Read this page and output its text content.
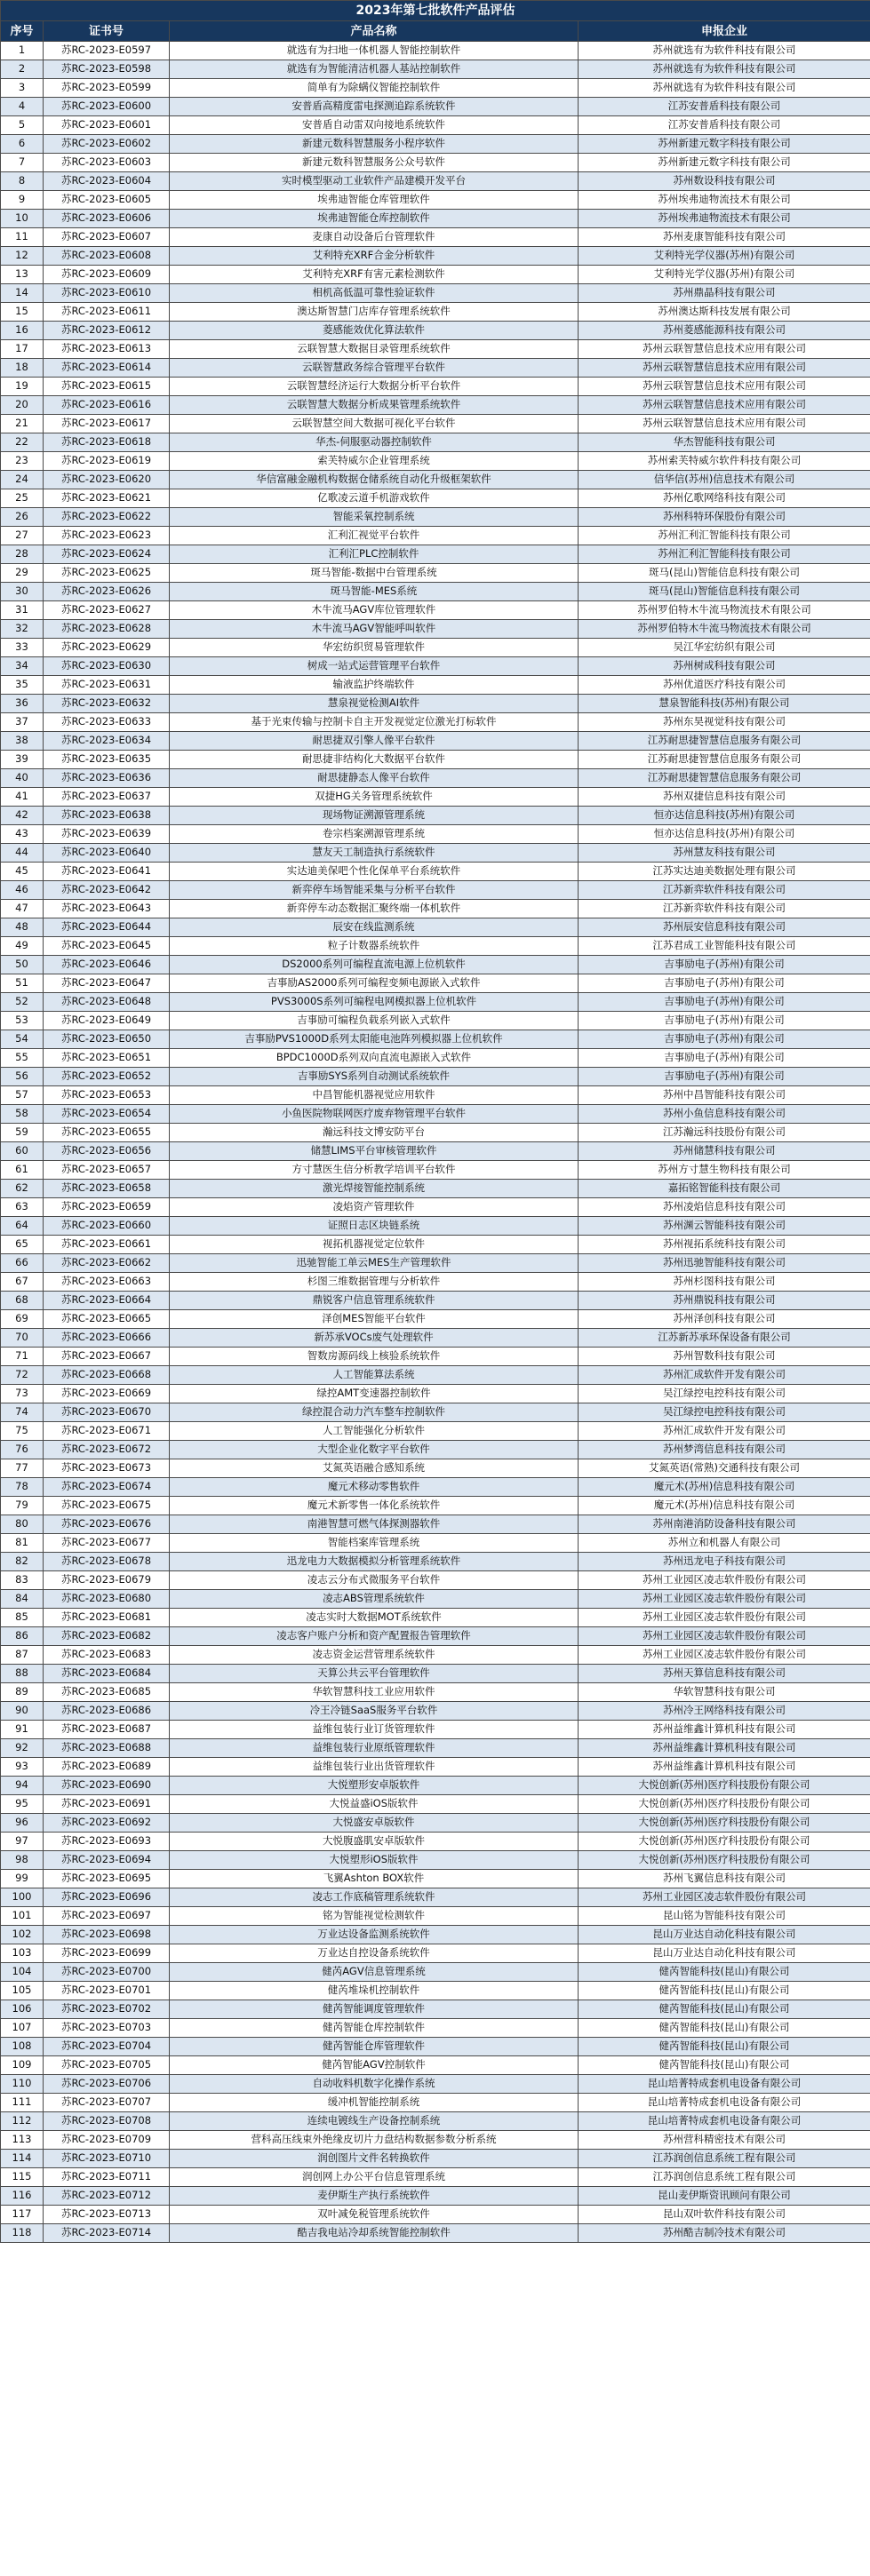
2023年第七批软件产品评估			
序号	证书号	产品名称	申报企业
1	苏RC-2023-E0597	就选有为扫地一体机器人智能控制软件	苏州就选有为软件科技有限公司
2	苏RC-2023-E0598	就选有为智能清洁机器人基站控制软件	苏州就选有为软件科技有限公司
3	苏RC-2023-E0599	简单有为除螨仪智能控制软件	苏州就选有为软件科技有限公司
4	苏RC-2023-E0600	安普盾高精度雷电探测追踪系统软件	江苏安普盾科技有限公司
5	苏RC-2023-E0601	安普盾自动雷双向接地系统软件	江苏安普盾科技有限公司
6	苏RC-2023-E0602	新建元数科智慧服务小程序软件	苏州新建元数字科技有限公司
7	苏RC-2023-E0603	新建元数科智慧服务公众号软件	苏州新建元数字科技有限公司
8	苏RC-2023-E0604	实时模型驱动工业软件产品建模开发平台	苏州数设科技有限公司
9	苏RC-2023-E0605	埃弗迪智能仓库管理软件	苏州埃弗迪物流技术有限公司
10	苏RC-2023-E0606	埃弗迪智能仓库控制软件	苏州埃弗迪物流技术有限公司
11	苏RC-2023-E0607	麦康自动设备后台管理软件	苏州麦康智能科技有限公司
12	苏RC-2023-E0608	艾利特充XRF合金分析软件	艾利特光学仪器(苏州)有限公司
13	苏RC-2023-E0609	艾利特充XRF有害元素检测软件	艾利特光学仪器(苏州)有限公司
14	苏RC-2023-E0610	相机高低温可靠性验证软件	苏州鼎晶科技有限公司
15	苏RC-2023-E0611	澳达斯智慧门店库存管理系统软件	苏州澳达斯科技发展有限公司
16	苏RC-2023-E0612	菱感能效优化算法软件	苏州菱感能源科技有限公司
17	苏RC-2023-E0613	云联智慧大数据目录管理系统软件	苏州云联智慧信息技术应用有限公司
18	苏RC-2023-E0614	云联智慧政务综合管理平台软件	苏州云联智慧信息技术应用有限公司
19	苏RC-2023-E0615	云联智慧经济运行大数据分析平台软件	苏州云联智慧信息技术应用有限公司
20	苏RC-2023-E0616	云联智慧大数据分析成果管理系统软件	苏州云联智慧信息技术应用有限公司
21	苏RC-2023-E0617	云联智慧空间大数据可视化平台软件	苏州云联智慧信息技术应用有限公司
22	苏RC-2023-E0618	华杰-伺服驱动器控制软件	华杰智能科技有限公司
23	苏RC-2023-E0619	索芙特威尔企业管理系统	苏州索芙特威尔软件科技有限公司
24	苏RC-2023-E0620	华信富融金融机构数据仓储系统自动化升级框架软件	信华信(苏州)信息技术有限公司
25	苏RC-2023-E0621	亿歌凌云道手机游戏软件	苏州亿歌网络科技有限公司
26	苏RC-2023-E0622	智能采氧控制系统	苏州科特环保股份有限公司
27	苏RC-2023-E0623	汇利汇视觉平台软件	苏州汇利汇智能科技有限公司
28	苏RC-2023-E0624	汇利汇PLC控制软件	苏州汇利汇智能科技有限公司
29	苏RC-2023-E0625	斑马智能-数据中台管理系统	斑马(昆山)智能信息科技有限公司
30	苏RC-2023-E0626	斑马智能-MES系统	斑马(昆山)智能信息科技有限公司
31	苏RC-2023-E0627	木牛流马AGV库位管理软件	苏州罗伯特木牛流马物流技术有限公司
32	苏RC-2023-E0628	木牛流马AGV智能呼叫软件	苏州罗伯特木牛流马物流技术有限公司
33	苏RC-2023-E0629	华宏纺织贸易管理软件	吴江华宏纺织有限公司
34	苏RC-2023-E0630	树成一站式运营管理平台软件	苏州树成科技有限公司
35	苏RC-2023-E0631	输液监护终端软件	苏州优道医疗科技有限公司
36	苏RC-2023-E0632	慧泉视觉检测AI软件	慧泉智能科技(苏州)有限公司
37	苏RC-2023-E0633	基于光束传输与控制卡自主开发视觉定位激光打标软件	苏州东昊视觉科技有限公司
38	苏RC-2023-E0634	耐思捷双引擎人像平台软件	江苏耐思捷智慧信息服务有限公司
39	苏RC-2023-E0635	耐思捷非结构化大数据平台软件	江苏耐思捷智慧信息服务有限公司
40	苏RC-2023-E0636	耐思捷静态人像平台软件	江苏耐思捷智慧信息服务有限公司
41	苏RC-2023-E0637	双捷HG关务管理系统软件	苏州双捷信息科技有限公司
42	苏RC-2023-E0638	现场物证溯源管理系统	恒亦达信息科技(苏州)有限公司
43	苏RC-2023-E0639	卷宗档案溯源管理系统	恒亦达信息科技(苏州)有限公司
44	苏RC-2023-E0640	慧友天工制造执行系统软件	苏州慧友科技有限公司
45	苏RC-2023-E0641	实达迪美保吧个性化保单平台系统软件	江苏实达迪美数据处理有限公司
46	苏RC-2023-E0642	新弈停车场智能采集与分析平台软件	江苏新弈软件科技有限公司
47	苏RC-2023-E0643	新弈停车动态数据汇聚终端一体机软件	江苏新弈软件科技有限公司
48	苏RC-2023-E0644	辰安在线监测系统	苏州辰安信息科技有限公司
49	苏RC-2023-E0645	粒子计数器系统软件	江苏君成工业智能科技有限公司
50	苏RC-2023-E0646	DS2000系列可编程直流电源上位机软件	吉事励电子(苏州)有限公司
51	苏RC-2023-E0647	吉事励AS2000系列可编程变频电源嵌入式软件	吉事励电子(苏州)有限公司
52	苏RC-2023-E0648	PVS3000S系列可编程电网模拟器上位机软件	吉事励电子(苏州)有限公司
53	苏RC-2023-E0649	吉事励可编程负载系列嵌入式软件	吉事励电子(苏州)有限公司
54	苏RC-2023-E0650	吉事励PVS1000D系列太阳能电池阵列模拟器上位机软件	吉事励电子(苏州)有限公司
55	苏RC-2023-E0651	BPDC1000D系列双向直流电源嵌入式软件	吉事励电子(苏州)有限公司
56	苏RC-2023-E0652	吉事励SYS系列自动测试系统软件	吉事励电子(苏州)有限公司
57	苏RC-2023-E0653	中昌智能机器视觉应用软件	苏州中昌智能科技有限公司
58	苏RC-2023-E0654	小鱼医院物联网医疗废弃物管理平台软件	苏州小鱼信息科技有限公司
59	苏RC-2023-E0655	瀚远科技文博安防平台	江苏瀚远科技股份有限公司
60	苏RC-2023-E0656	储慧LIMS平台审核管理软件	苏州储慧科技有限公司
61	苏RC-2023-E0657	方寸慧医生信分析教学培训平台软件	苏州方寸慧生物科技有限公司
62	苏RC-2023-E0658	激光焊接智能控制系统	嘉拓铭智能科技有限公司
63	苏RC-2023-E0659	凌焰资产管理软件	苏州凌焰信息科技有限公司
64	苏RC-2023-E0660	证照日志区块链系统	苏州渊云智能科技有限公司
65	苏RC-2023-E0661	视拓机器视觉定位软件	苏州视拓系统科技有限公司
66	苏RC-2023-E0662	迅驰智能工单云MES生产管理软件	苏州迅驰智能科技有限公司
67	苏RC-2023-E0663	杉图三维数据管理与分析软件	苏州杉图科技有限公司
68	苏RC-2023-E0664	鼎锐客户信息管理系统软件	苏州鼎锐科技有限公司
69	苏RC-2023-E0665	泽创MES智能平台软件	苏州泽创科技有限公司
70	苏RC-2023-E0666	新苏承VOCs废气处理软件	江苏新苏承环保设备有限公司
71	苏RC-2023-E0667	智数房源码线上核验系统软件	苏州智数科技有限公司
72	苏RC-2023-E0668	人工智能算法系统	苏州汇成软件开发有限公司
73	苏RC-2023-E0669	绿控AMT变速器控制软件	吴江绿控电控科技有限公司
74	苏RC-2023-E0670	绿控混合动力汽车整车控制软件	吴江绿控电控科技有限公司
75	苏RC-2023-E0671	人工智能强化分析软件	苏州汇成软件开发有限公司
76	苏RC-2023-E0672	大型企业化数字平台软件	苏州梦湾信息科技有限公司
77	苏RC-2023-E0673	艾氮英语融合感知系统	艾氮英语(常熟)交通科技有限公司
78	苏RC-2023-E0674	魔元术移动零售软件	魔元术(苏州)信息科技有限公司
79	苏RC-2023-E0675	魔元术新零售一体化系统软件	魔元术(苏州)信息科技有限公司
80	苏RC-2023-E0676	南港智慧可燃气体探测器软件	苏州南港消防设备科技有限公司
81	苏RC-2023-E0677	智能档案库管理系统	苏州立和机器人有限公司
82	苏RC-2023-E0678	迅龙电力大数据模拟分析管理系统软件	苏州迅龙电子科技有限公司
83	苏RC-2023-E0679	凌志云分布式微服务平台软件	苏州工业园区凌志软件股份有限公司
84	苏RC-2023-E0680	凌志ABS管理系统软件	苏州工业园区凌志软件股份有限公司
85	苏RC-2023-E0681	凌志实时大数据MOT系统软件	苏州工业园区凌志软件股份有限公司
86	苏RC-2023-E0682	凌志客户账户分析和资产配置报告管理软件	苏州工业园区凌志软件股份有限公司
87	苏RC-2023-E0683	凌志资金运营管理系统软件	苏州工业园区凌志软件股份有限公司
88	苏RC-2023-E0684	天算公共云平台管理软件	苏州天算信息科技有限公司
89	苏RC-2023-E0685	华软智慧科技工业应用软件	华软智慧科技有限公司
90	苏RC-2023-E0686	冷王冷链SaaS服务平台软件	苏州冷王网络科技有限公司
91	苏RC-2023-E0687	益维包装行业订货管理软件	苏州益维鑫计算机科技有限公司
92	苏RC-2023-E0688	益维包装行业原纸管理软件	苏州益维鑫计算机科技有限公司
93	苏RC-2023-E0689	益维包装行业出货管理软件	苏州益维鑫计算机科技有限公司
94	苏RC-2023-E0690	大悦塑形安卓版软件	大悦创新(苏州)医疗科技股份有限公司
95	苏RC-2023-E0691	大悦益盛iOS版软件	大悦创新(苏州)医疗科技股份有限公司
96	苏RC-2023-E0692	大悦盛安卓版软件	大悦创新(苏州)医疗科技股份有限公司
97	苏RC-2023-E0693	大悦腹盛肌安卓版软件	大悦创新(苏州)医疗科技股份有限公司
98	苏RC-2023-E0694	大悦塑形iOS版软件	大悦创新(苏州)医疗科技股份有限公司
99	苏RC-2023-E0695	飞翼Ashton BOX软件	苏州飞翼信息科技有限公司
100	苏RC-2023-E0696	凌志工作底稿管理系统软件	苏州工业园区凌志软件股份有限公司
101	苏RC-2023-E0697	铭为智能视觉检测软件	昆山铭为智能科技有限公司
102	苏RC-2023-E0698	万业达设备监测系统软件	昆山万业达自动化科技有限公司
103	苏RC-2023-E0699	万业达自控设备系统软件	昆山万业达自动化科技有限公司
104	苏RC-2023-E0700	健芮AGV信息管理系统	健芮智能科技(昆山)有限公司
105	苏RC-2023-E0701	健芮堆垛机控制软件	健芮智能科技(昆山)有限公司
106	苏RC-2023-E0702	健芮智能调度管理软件	健芮智能科技(昆山)有限公司
107	苏RC-2023-E0703	健芮智能仓库控制软件	健芮智能科技(昆山)有限公司
108	苏RC-2023-E0704	健芮智能仓库管理软件	健芮智能科技(昆山)有限公司
109	苏RC-2023-E0705	健芮智能AGV控制软件	健芮智能科技(昆山)有限公司
110	苏RC-2023-E0706	自动收料机数字化操作系统	昆山培菁特成套机电设备有限公司
111	苏RC-2023-E0707	缓冲机智能控制系统	昆山培菁特成套机电设备有限公司
112	苏RC-2023-E0708	连续电镀线生产设备控制系统	昆山培菁特成套机电设备有限公司
113	苏RC-2023-E0709	营科高压线束外绝缘皮切片力盘结构数据参数分析系统	苏州营科精密技术有限公司
114	苏RC-2023-E0710	润创图片文件名转换软件	江苏润创信息系统工程有限公司
115	苏RC-2023-E0711	润创网上办公平台信息管理系统	江苏润创信息系统工程有限公司
116	苏RC-2023-E0712	麦伊斯生产执行系统软件	昆山麦伊斯资讯顾问有限公司
117	苏RC-2023-E0713	双叶减免税管理系统软件	昆山双叶软件科技有限公司
118	苏RC-2023-E0714	酷吉我电站冷却系统智能控制软件	苏州酷吉制冷技术有限公司
